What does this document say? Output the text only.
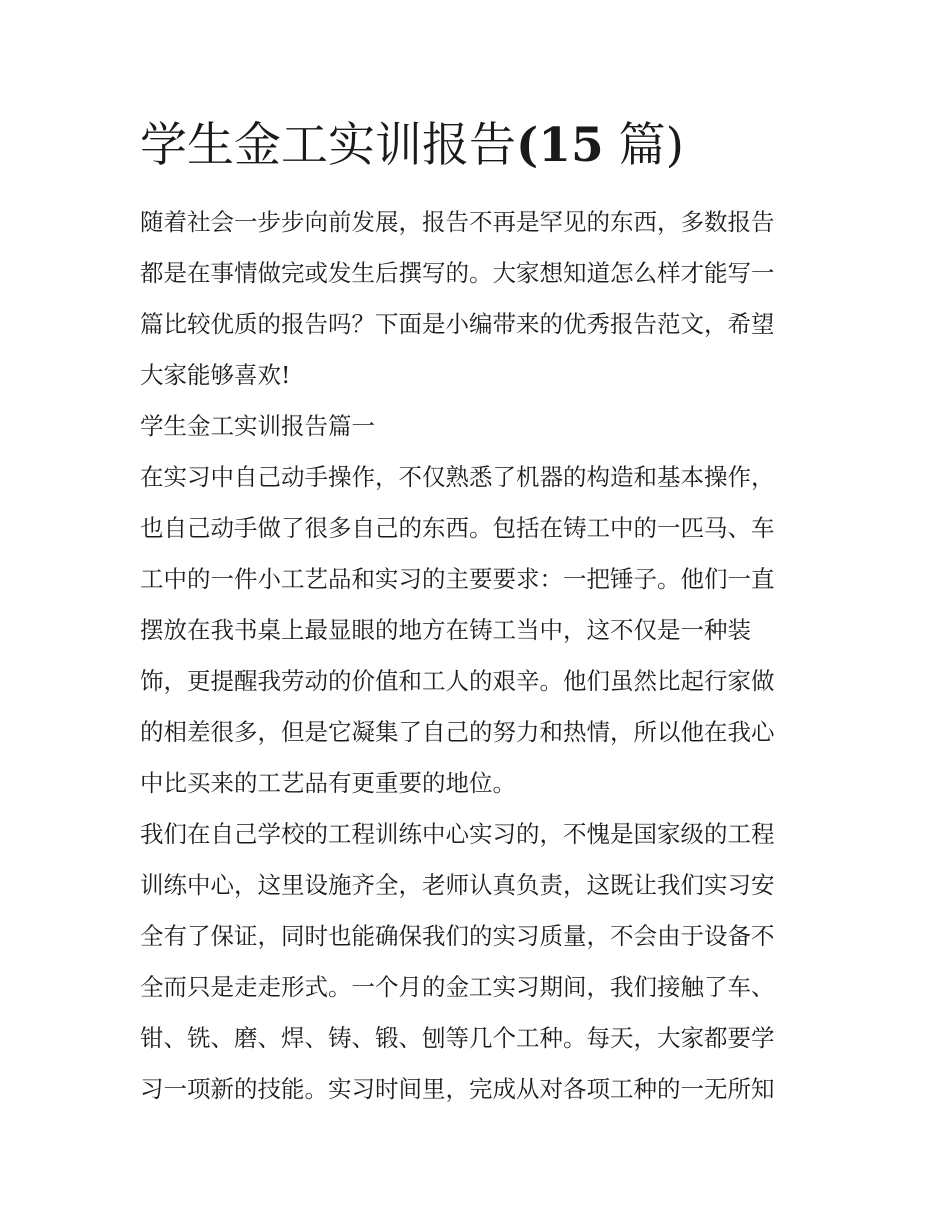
学生金工实训报告(15 篇)

随着社会一步步向前发展，报告不再是罕见的东西，多数报告
都是在事情做完或发生后撰写的。大家想知道怎么样才能写一
篇比较优质的报告吗？下面是小编带来的优秀报告范文，希望
大家能够喜欢!

学生金工实训报告篇一

在实习中自己动手操作，不仅熟悉了机器的构造和基本操作，
也自己动手做了很多自己的东西。包括在铸工中的一匹马、车
工中的一件小工艺品和实习的主要要求：一把锤子。他们一直
摆放在我书桌上最显眼的地方在铸工当中，这不仅是一种装
饰，更提醒我劳动的价值和工人的艰辛。他们虽然比起行家做
的相差很多，但是它凝集了自己的努力和热情，所以他在我心
中比买来的工艺品有更重要的地位。

我们在自己学校的工程训练中心实习的，不愧是国家级的工程
训练中心，这里设施齐全，老师认真负责，这既让我们实习安
全有了保证，同时也能确保我们的实习质量，不会由于设备不
全而只是走走形式。一个月的金工实习期间，我们接触了车、
钳、铣、磨、焊、铸、锻、刨等几个工种。每天，大家都要学
习一项新的技能。实习时间里，完成从对各项工种的一无所知
